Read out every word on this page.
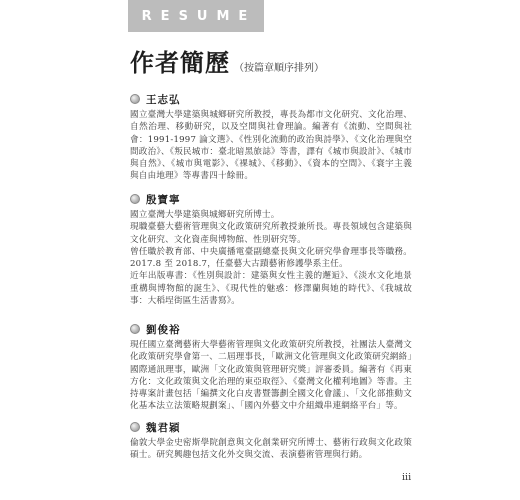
RESUME
作者簡歷 （按篇章順序排列）
王志弘

國立臺灣大學建築與城鄉研究所教授，專長為都市文化研究、文化治理、自然治理、移動研究，以及空間與社會理論。編著有《流動、空間與社會：1991-1997 論文選》、《性別化流動的政治與詩學》、《文化治理與空間政治》、《叛民城市：臺北暗黑旅誌》等書，譯有《城市與設計》、《城市與自然》、《城市與電影》、《裸城》、《移動》、《資本的空間》、《寰宇主義與自由地理》等專書四十餘冊。

殷寶寧

國立臺灣大學建築與城鄉研究所博士。

現職臺藝大藝術管理與文化政策研究所教授兼所長。專長領域包含建築與文化研究、文化資產與博物館、性別研究等。

曾任職於教育部、中央廣播電臺副總臺長與文化研究學會理事長等職務。2017.8 至 2018.7，任臺藝大古蹟藝術修護學系主任。

近年出版專書：《性別與設計：建築與女性主義的邂逅》、《淡水文化地景重構與博物館的誕生》、《現代性的魅惑：修澤蘭與她的時代》、《我城故事：大稻埕街區生活書寫》。

劉俊裕

現任國立臺灣藝術大學藝術管理與文化政策研究所教授，社團法人臺灣文化政策研究學會第一、二屆理事長，「歐洲文化管理與文化政策研究網絡」國際通訊理事，歐洲「文化政策與管理研究獎」評審委員。編著有《再東方化：文化政策與文化治理的東亞取徑》、《臺灣文化權利地圖》等書。主持專案計畫包括「編撰文化白皮書暨籌劃全國文化會議」、「文化部推動文化基本法立法策略規劃案」、「國內外藝文中介組織串連網絡平台」等。

魏君穎

倫敦大學金史密斯學院創意與文化創業研究所博士、藝術行政與文化政策碩士。研究興趣包括文化外交與交流、表演藝術管理與行銷。

iii
